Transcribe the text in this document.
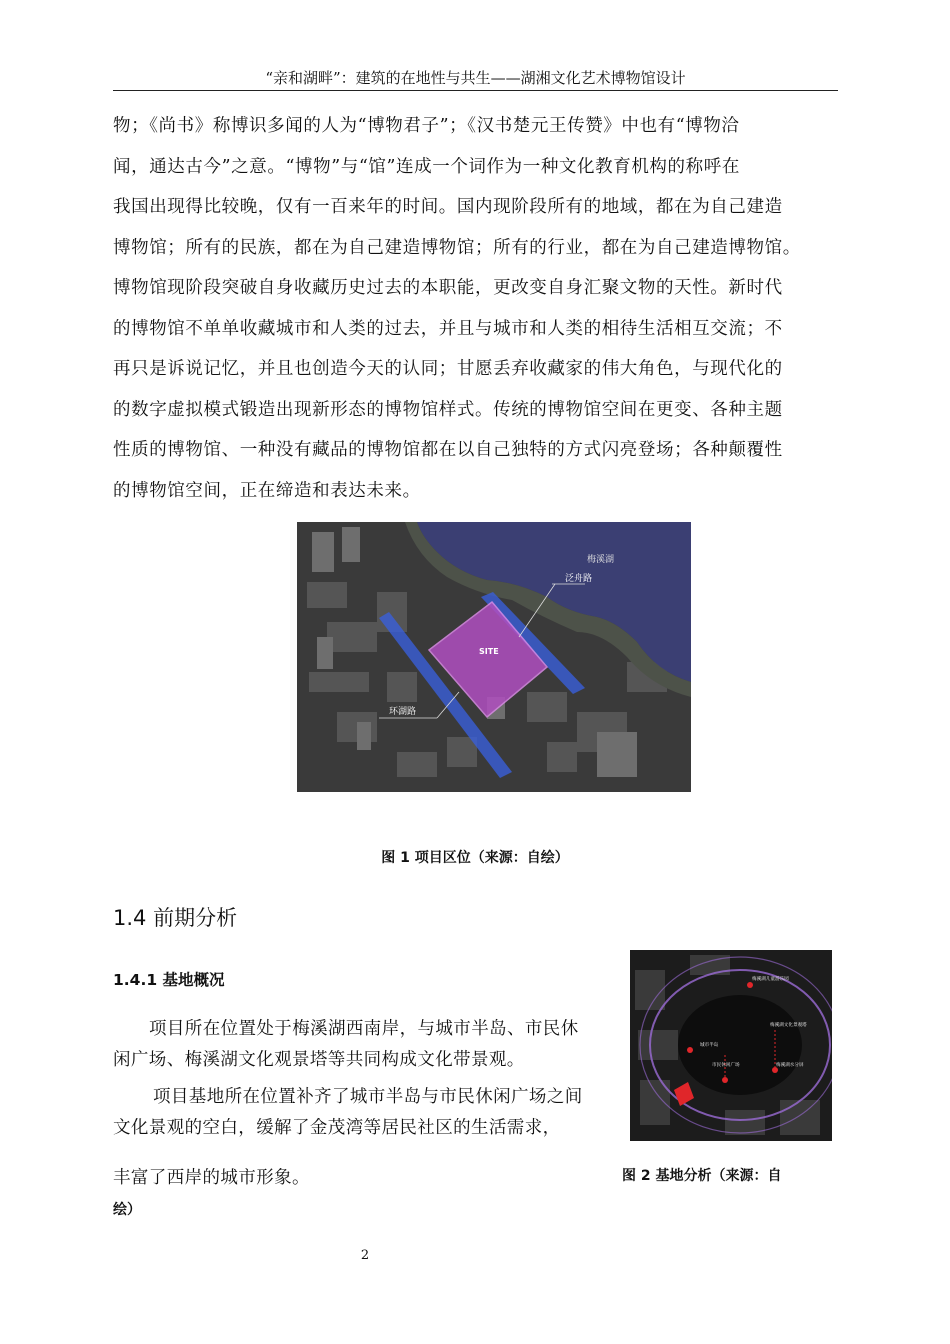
“亲和湖畔”：建筑的在地性与共生——湖湘文化艺术博物馆设计
物；《尚书》称博识多闻的人为“博物君子”；《汉书楚元王传赞》中也有“博物洽
闻，通达古今”之意。“博物”与“馆”连成一个词作为一种文化教育机构的称呼在
我国出现得比较晚，仅有一百来年的时间。国内现阶段所有的地域，都在为自己建造
博物馆；所有的民族，都在为自己建造博物馆；所有的行业，都在为自己建造博物馆。
博物馆现阶段突破自身收藏历史过去的本职能，更改变自身汇聚文物的天性。新时代
的博物馆不单单收藏城市和人类的过去，并且与城市和人类的相待生活相互交流；不
再只是诉说记忆，并且也创造今天的认同；甘愿丢弃收藏家的伟大角色，与现代化的
的数字虚拟模式锻造出现新形态的博物馆样式。传统的博物馆空间在更变、各种主题
性质的博物馆、一种没有藏品的博物馆都在以自己独特的方式闪亮登场；各种颠覆性
的博物馆空间，正在缔造和表达未来。
梅溪湖
泛舟路
SITE
环湖路
图 1 项目区位（来源：自绘）
1.4 前期分析
1.4.1 基地概况
项目所在位置处于梅溪湖西南岸，与城市半岛、市民休
闲广场、梅溪湖文化观景塔等共同构成文化带景观。
项目基地所在位置补齐了城市半岛与市民休闲广场之间
文化景观的空白，缓解了金茂湾等居民社区的生活需求，
丰富了西岸的城市形象。
梅溪湖儿童游乐园
梅溪湖文化景观塔
城市半岛
市民休闲广场	梅溪湖水分屏
图 2 基地分析（来源：自
绘）
2
